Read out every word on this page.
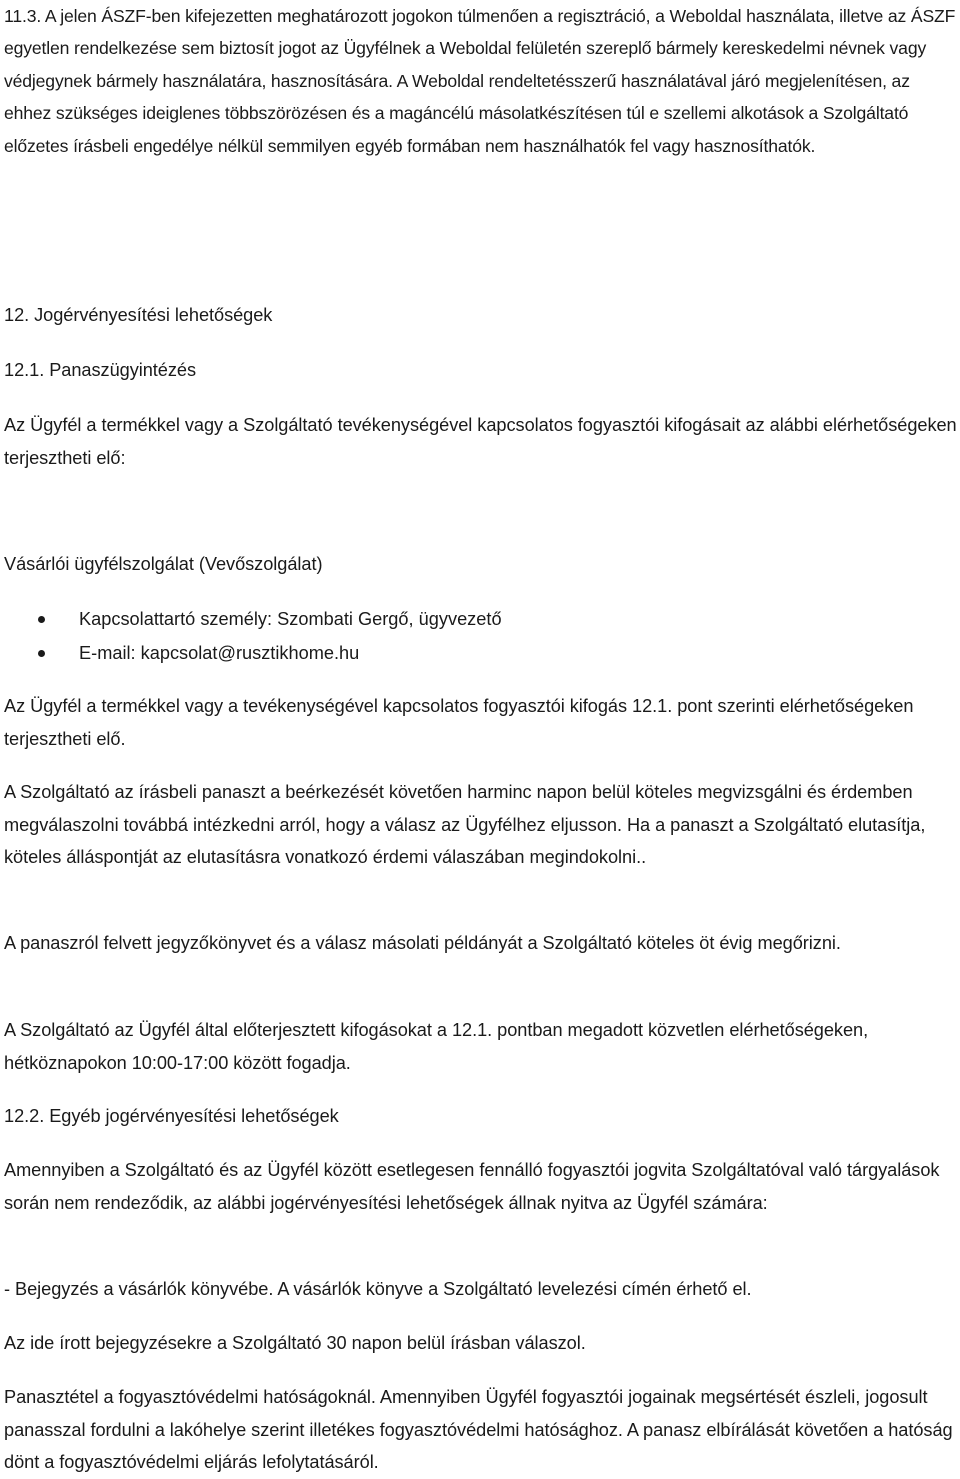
11.3. A jelen ÁSZF-ben kifejezetten meghatározott jogokon túlmenően a regisztráció, a Weboldal használata, illetve az ÁSZF egyetlen rendelkezése sem biztosít jogot az Ügyfélnek a Weboldal felületén szereplő bármely kereskedelmi névnek vagy védjegynek bármely használatára, hasznosítására. A Weboldal rendeltetésszerű használatával járó megjelenítésen, az ehhez szükséges ideiglenes többszörözésen és a magáncélú másolatkészítésen túl e szellemi alkotások a Szolgáltató előzetes írásbeli engedélye nélkül semmilyen egyéb formában nem használhatók fel vagy hasznosíthatók.

12. Jogérvényesítési lehetőségek

12.1. Panaszügyintézés

Az Ügyfél a termékkel vagy a Szolgáltató tevékenységével kapcsolatos fogyasztói kifogásait az alábbi elérhetőségeken terjesztheti elő:

Vásárlói ügyfélszolgálat (Vevőszolgálat)

Kapcsolattartó személy: Szombati Gergő, ügyvezető
E-mail: kapcsolat@rusztikhome.hu

Az Ügyfél a termékkel vagy a tevékenységével kapcsolatos fogyasztói kifogás 12.1. pont szerinti elérhetőségeken terjesztheti elő.

A Szolgáltató az írásbeli panaszt a beérkezését követően harminc napon belül köteles megvizsgálni és érdemben megválaszolni továbbá intézkedni arról, hogy a válasz az Ügyfélhez eljusson. Ha a panaszt a Szolgáltató elutasítja, köteles álláspontját az elutasításra vonatkozó érdemi válaszában megindokolni..

A panaszról felvett jegyzőkönyvet és a válasz másolati példányát a Szolgáltató köteles öt évig megőrizni.

A Szolgáltató az Ügyfél által előterjesztett kifogásokat a 12.1. pontban megadott közvetlen elérhetőségeken, hétköznapokon 10:00-17:00 között fogadja.

12.2. Egyéb jogérvényesítési lehetőségek

Amennyiben a Szolgáltató és az Ügyfél között esetlegesen fennálló fogyasztói jogvita Szolgáltatóval való tárgyalások során nem rendeződik, az alábbi jogérvényesítési lehetőségek állnak nyitva az Ügyfél számára:

- Bejegyzés a vásárlók könyvébe. A vásárlók könyve a Szolgáltató levelezési címén érhető el.

Az ide írott bejegyzésekre a Szolgáltató 30 napon belül írásban válaszol.

Panasztétel a fogyasztóvédelmi hatóságoknál. Amennyiben Ügyfél fogyasztói jogainak megsértését észleli, jogosult panasszal fordulni a lakóhelye szerint illetékes fogyasztóvédelmi hatósághoz. A panasz elbírálását követően a hatóság dönt a fogyasztóvédelmi eljárás lefolytatásáról.
